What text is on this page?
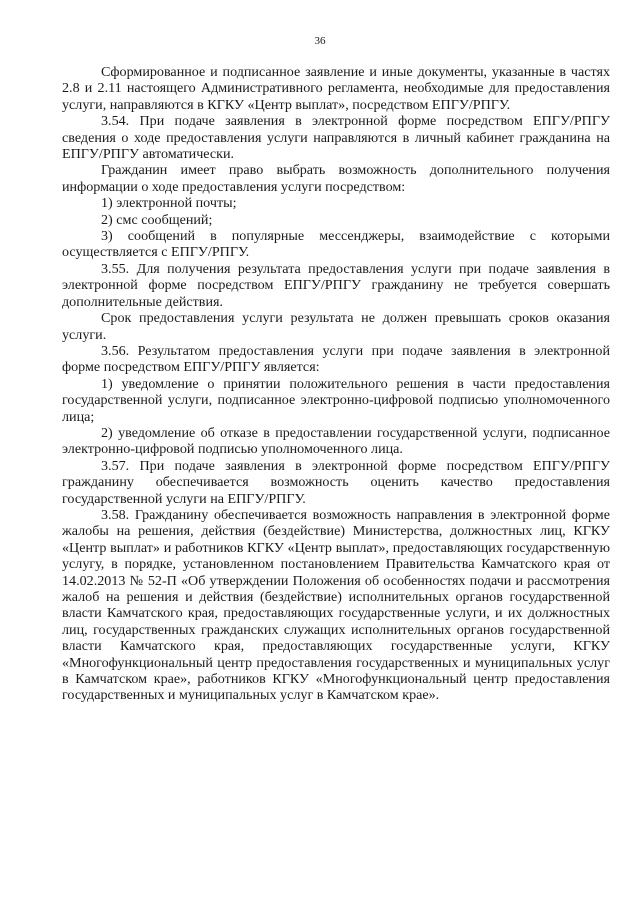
36

Сформированное и подписанное заявление и иные документы, указанные в частях 2.8 и 2.11 настоящего Административного регламента, необходимые для предоставления услуги, направляются в КГКУ «Центр выплат», посредством ЕПГУ/РПГУ.

3.54. При подаче заявления в электронной форме посредством ЕПГУ/РПГУ сведения о ходе предоставления услуги направляются в личный кабинет гражданина на ЕПГУ/РПГУ автоматически.

Гражданин имеет право выбрать возможность дополнительного получения информации о ходе предоставления услуги посредством:

1) электронной почты;

2) смс сообщений;

3) сообщений в популярные мессенджеры, взаимодействие с которыми осуществляется с ЕПГУ/РПГУ.

3.55. Для получения результата предоставления услуги при подаче заявления в электронной форме посредством ЕПГУ/РПГУ гражданину не требуется совершать дополнительные действия.

Срок предоставления услуги результата не должен превышать сроков оказания услуги.

3.56. Результатом предоставления услуги при подаче заявления в электронной форме посредством ЕПГУ/РПГУ является:

1) уведомление о принятии положительного решения в части предоставления государственной услуги, подписанное электронно-цифровой подписью уполномоченного лица;

2) уведомление об отказе в предоставлении государственной услуги, подписанное электронно-цифровой подписью уполномоченного лица.

3.57. При подаче заявления в электронной форме посредством ЕПГУ/РПГУ гражданину обеспечивается возможность оценить качество предоставления государственной услуги на ЕПГУ/РПГУ.

3.58. Гражданину обеспечивается возможность направления в электронной форме жалобы на решения, действия (бездействие) Министерства, должностных лиц, КГКУ «Центр выплат» и работников КГКУ «Центр выплат», предоставляющих государственную услугу, в порядке, установленном постановлением Правительства Камчатского края от 14.02.2013 № 52-П «Об утверждении Положения об особенностях подачи и рассмотрения жалоб на решения и действия (бездействие) исполнительных органов государственной власти Камчатского края, предоставляющих государственные услуги, и их должностных лиц, государственных гражданских служащих исполнительных органов государственной власти Камчатского края, предоставляющих государственные услуги, КГКУ «Многофункциональный центр предоставления государственных и муниципальных услуг в Камчатском крае», работников КГКУ «Многофункциональный центр предоставления государственных и муниципальных услуг в Камчатском крае».
